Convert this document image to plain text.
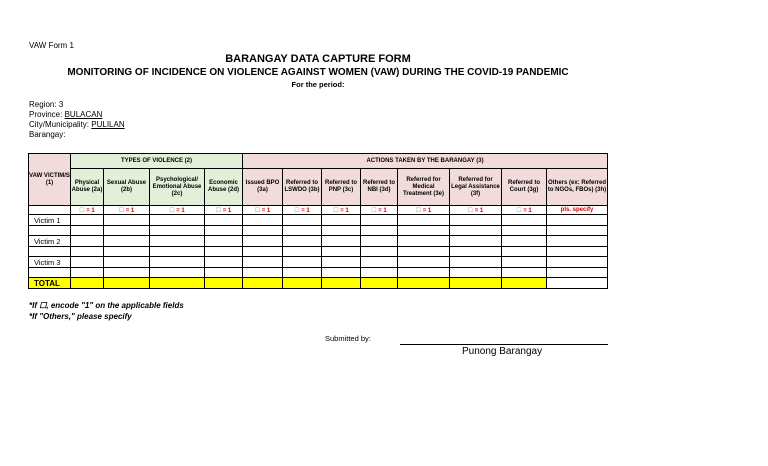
VAW Form 1
BARANGAY DATA CAPTURE FORM
MONITORING OF INCIDENCE ON VIOLENCE AGAINST WOMEN (VAW) DURING THE COVID-19 PANDEMIC
For the period:
Region: 3
Province: BULACAN
City/Municipality: PULILAN
Barangay:
VAW VICTIM/S (1)	TYPES OF VIOLENCE (2)				ACTIONS TAKEN BY THE BARANGAY (3)							
	Physical Abuse (2a)	Sexual Abuse (2b)	Psychological/ Emotional Abuse (2c)	Economic Abuse (2d)	Issued BPO (3a)	Referred to LSWDO (3b)	Referred to PNP (3c)	Referred to NBI (3d)	Referred for Medical Treatment (3e)	Referred for Legal Assistance (3f)	Referred to Court (3g)	Others (ex: Referred to NGOs, FBOs) (3h)
	☐ = 1	☐ = 1	☐ = 1	☐ = 1	☐ = 1	☐ = 1	☐ = 1	☐ = 1	☐ = 1	☐ = 1	☐ = 1	pls. specify
Victim 1												

Victim 2												

Victim 3												

TOTAL												
*If ☐, encode "1" on the applicable fields
*If "Others," please specify
Submitted by:
Punong Barangay
